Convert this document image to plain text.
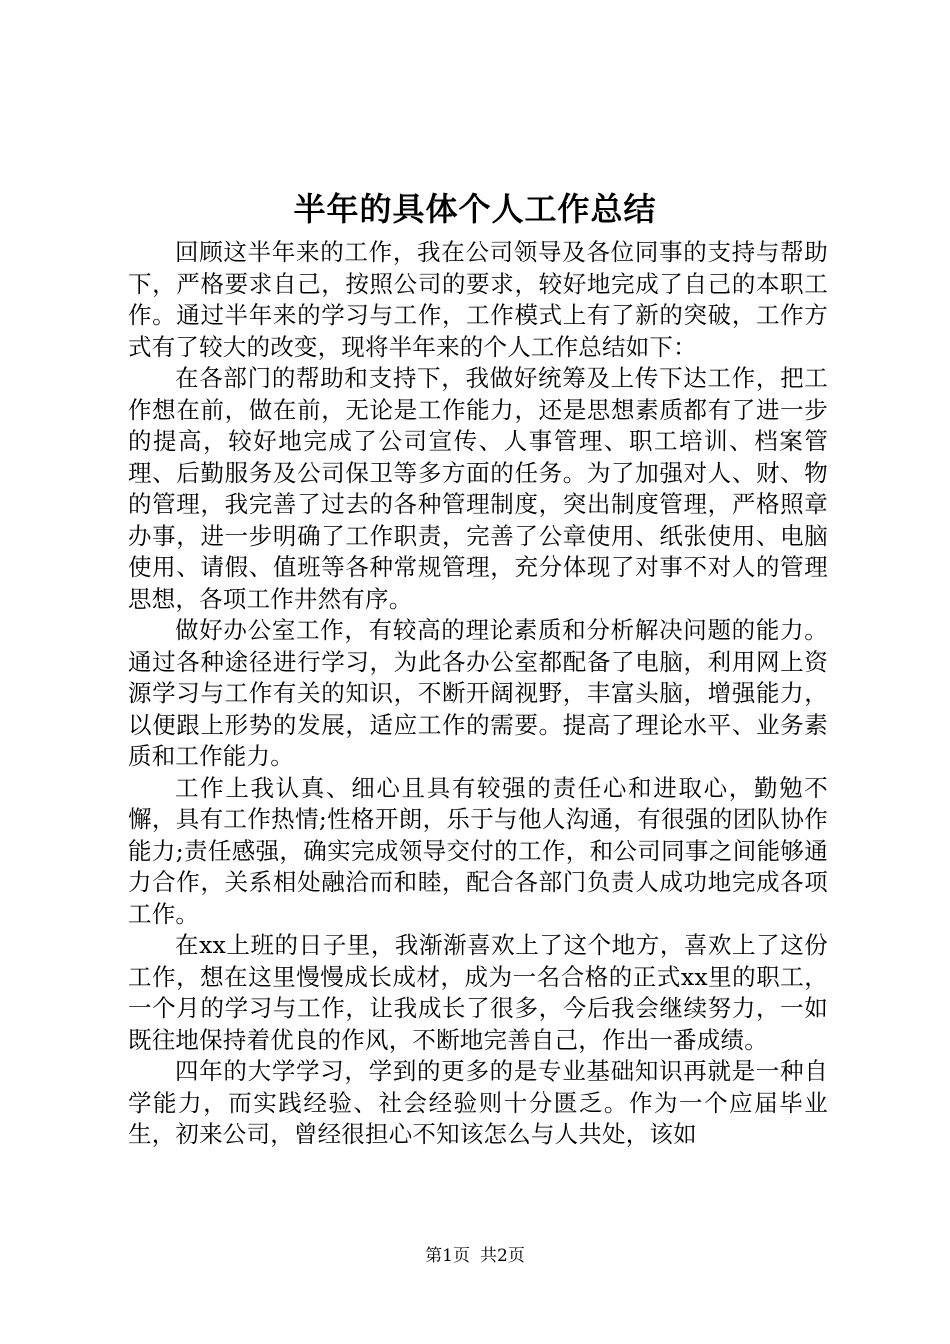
半年的具体个人工作总结

回顾这半年来的工作，我在公司领导及各位同事的支持与帮助下，严格要求自己，按照公司的要求，较好地完成了自己的本职工作。通过半年来的学习与工作，工作模式上有了新的突破，工作方式有了较大的改变，现将半年来的个人工作总结如下：

在各部门的帮助和支持下，我做好统筹及上传下达工作，把工作想在前，做在前，无论是工作能力，还是思想素质都有了进一步的提高，较好地完成了公司宣传、人事管理、职工培训、档案管理、后勤服务及公司保卫等多方面的任务。为了加强对人、财、物的管理，我完善了过去的各种管理制度，突出制度管理，严格照章办事，进一步明确了工作职责，完善了公章使用、纸张使用、电脑使用、请假、值班等各种常规管理，充分体现了对事不对人的管理思想，各项工作井然有序。

做好办公室工作，有较高的理论素质和分析解决问题的能力。通过各种途径进行学习，为此各办公室都配备了电脑，利用网上资源学习与工作有关的知识，不断开阔视野，丰富头脑，增强能力，以便跟上形势的发展，适应工作的需要。提高了理论水平、业务素质和工作能力。

工作上我认真、细心且具有较强的责任心和进取心，勤勉不懈，具有工作热情;性格开朗，乐于与他人沟通，有很强的团队协作能力;责任感强，确实完成领导交付的工作，和公司同事之间能够通力合作，关系相处融洽而和睦，配合各部门负责人成功地完成各项工作。

在xx上班的日子里，我渐渐喜欢上了这个地方，喜欢上了这份工作，想在这里慢慢成长成材，成为一名合格的正式xx里的职工，一个月的学习与工作，让我成长了很多，今后我会继续努力，一如既往地保持着优良的作风，不断地完善自己，作出一番成绩。

四年的大学学习，学到的更多的是专业基础知识再就是一种自学能力，而实践经验、社会经验则十分匮乏。作为一个应届毕业生，初来公司，曾经很担心不知该怎么与人共处，该如

第1页 共2页
